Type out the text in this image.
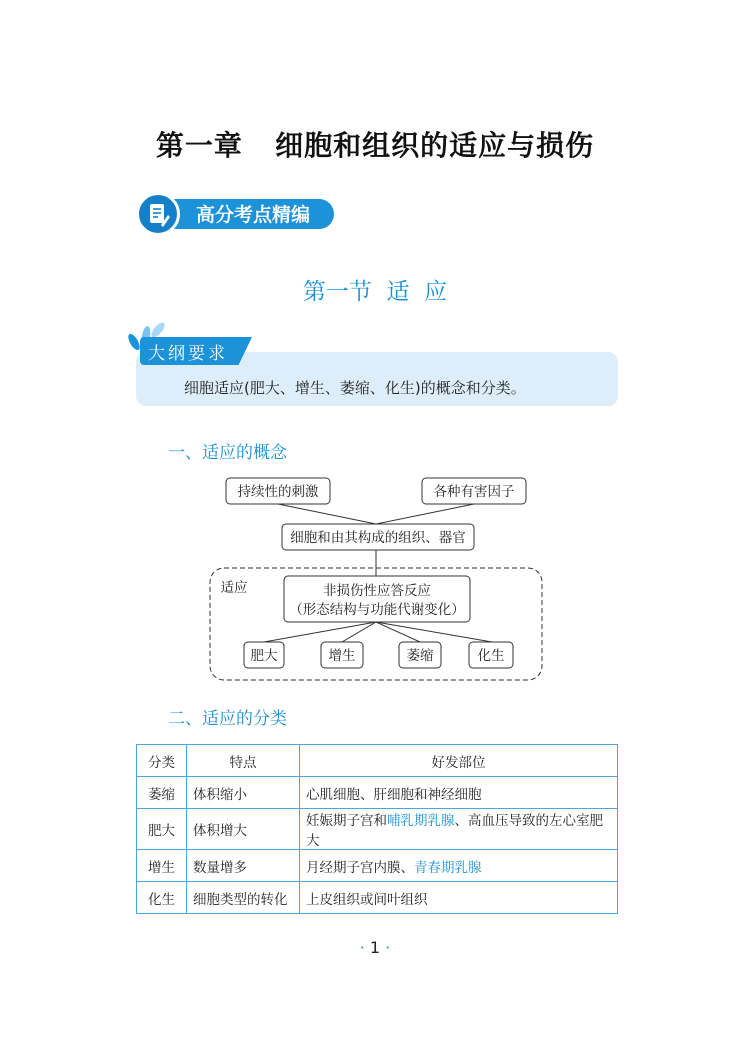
第一章   细胞和组织的适应与损伤
高分考点精编
第一节  适  应
大纲要求
细胞适应(肥大、增生、萎缩、化生)的概念和分类。
一、适应的概念
持续性的刺激	各种有害因子
细胞和由其构成的组织、器官
适应	非损伤性应答反应
（形态结构与功能代谢变化）
肥大	增生	萎缩	化生
二、适应的分类
分类	特点	好发部位
萎缩	体积缩小	心肌细胞、肝细胞和神经细胞
肥大	体积增大	妊娠期子宫和哺乳期乳腺、高血压导致的左心室肥大
增生	数量增多	月经期子宫内膜、青春期乳腺
化生	细胞类型的转化	上皮组织或间叶组织
· 1 ·
